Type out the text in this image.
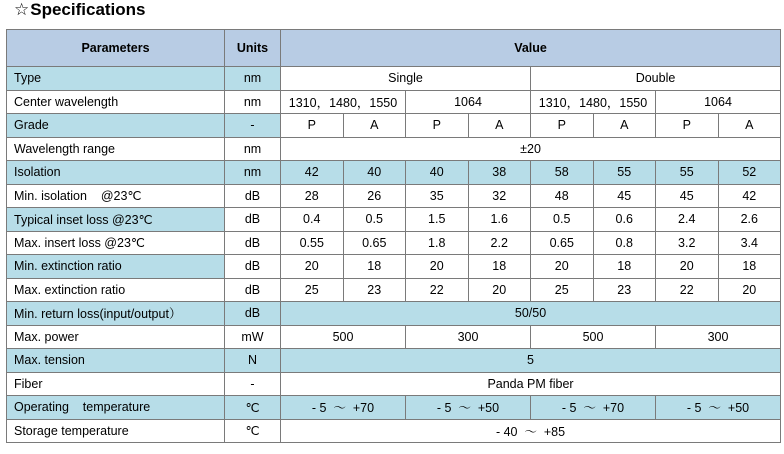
☆Specifications
Parameters	Units	Value							
Type	nm	Single				Double			
Center wavelength	nm	1310，1480，1550		1064		1310，1480，1550		1064	
Grade	-	P	A	P	A	P	A	P	A
Wavelength range	nm	±20							
Isolation	nm	42	40	40	38	58	55	55	52
Min. isolation    @23℃	dB	28	26	35	32	48	45	45	42
Typical inset loss @23℃	dB	0.4	0.5	1.5	1.6	0.5	0.6	2.4	2.6
Max. insert loss @23℃	dB	0.55	0.65	1.8	2.2	0.65	0.8	3.2	3.4
Min. extinction ratio	dB	20	18	20	18	20	18	20	18
Max. extinction ratio	dB	25	23	22	20	25	23	22	20
Min. return loss(input/output）	dB	50/50							
Max. power	mW	500		300		500		300	
Max. tension	N	5							
Fiber	-	Panda PM fiber							
Operating    temperature	℃	- 5  ～  +70		- 5  ～  +50		- 5  ～  +70		- 5  ～  +50	
Storage temperature	℃	- 40  ～  +85							
